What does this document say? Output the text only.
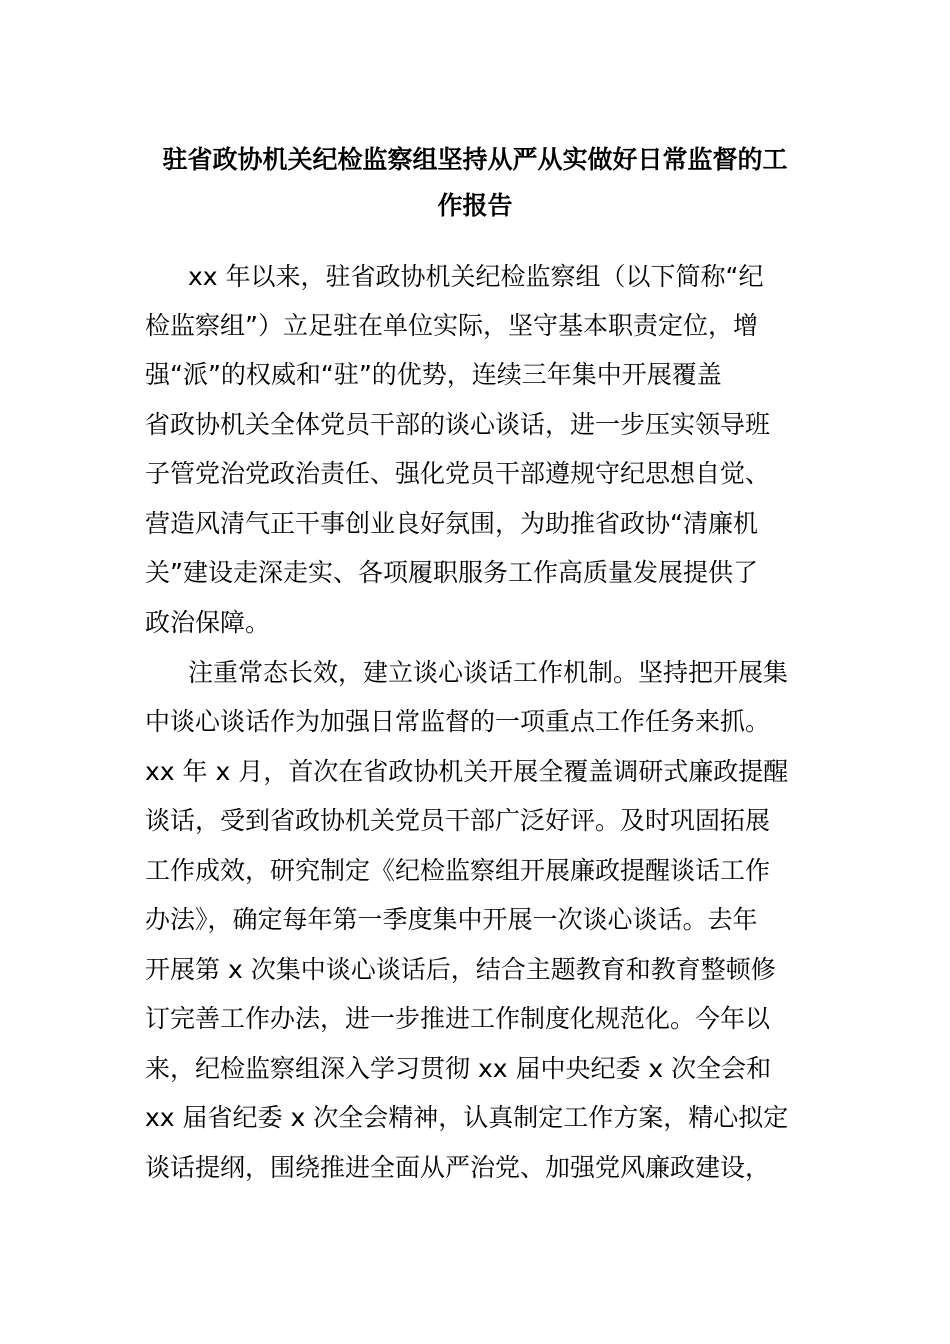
驻省政协机关纪检监察组坚持从严从实做好日常监督的工
作报告
xx 年以来，驻省政协机关纪检监察组（以下简称“纪
检监察组”）立足驻在单位实际，坚守基本职责定位，增
强“派”的权威和“驻”的优势，连续三年集中开展覆盖
省政协机关全体党员干部的谈心谈话，进一步压实领导班
子管党治党政治责任、强化党员干部遵规守纪思想自觉、
营造风清气正干事创业良好氛围，为助推省政协“清廉机
关”建设走深走实、各项履职服务工作高质量发展提供了
政治保障。
注重常态长效，建立谈心谈话工作机制。坚持把开展集
中谈心谈话作为加强日常监督的一项重点工作任务来抓。
xx 年 x 月，首次在省政协机关开展全覆盖调研式廉政提醒
谈话，受到省政协机关党员干部广泛好评。及时巩固拓展
工作成效，研究制定《纪检监察组开展廉政提醒谈话工作
办法》，确定每年第一季度集中开展一次谈心谈话。去年
开展第 x 次集中谈心谈话后，结合主题教育和教育整顿修
订完善工作办法，进一步推进工作制度化规范化。今年以
来，纪检监察组深入学习贯彻 xx 届中央纪委 x 次全会和
xx 届省纪委 x 次全会精神，认真制定工作方案，精心拟定
谈话提纲，围绕推进全面从严治党、加强党风廉政建设，
